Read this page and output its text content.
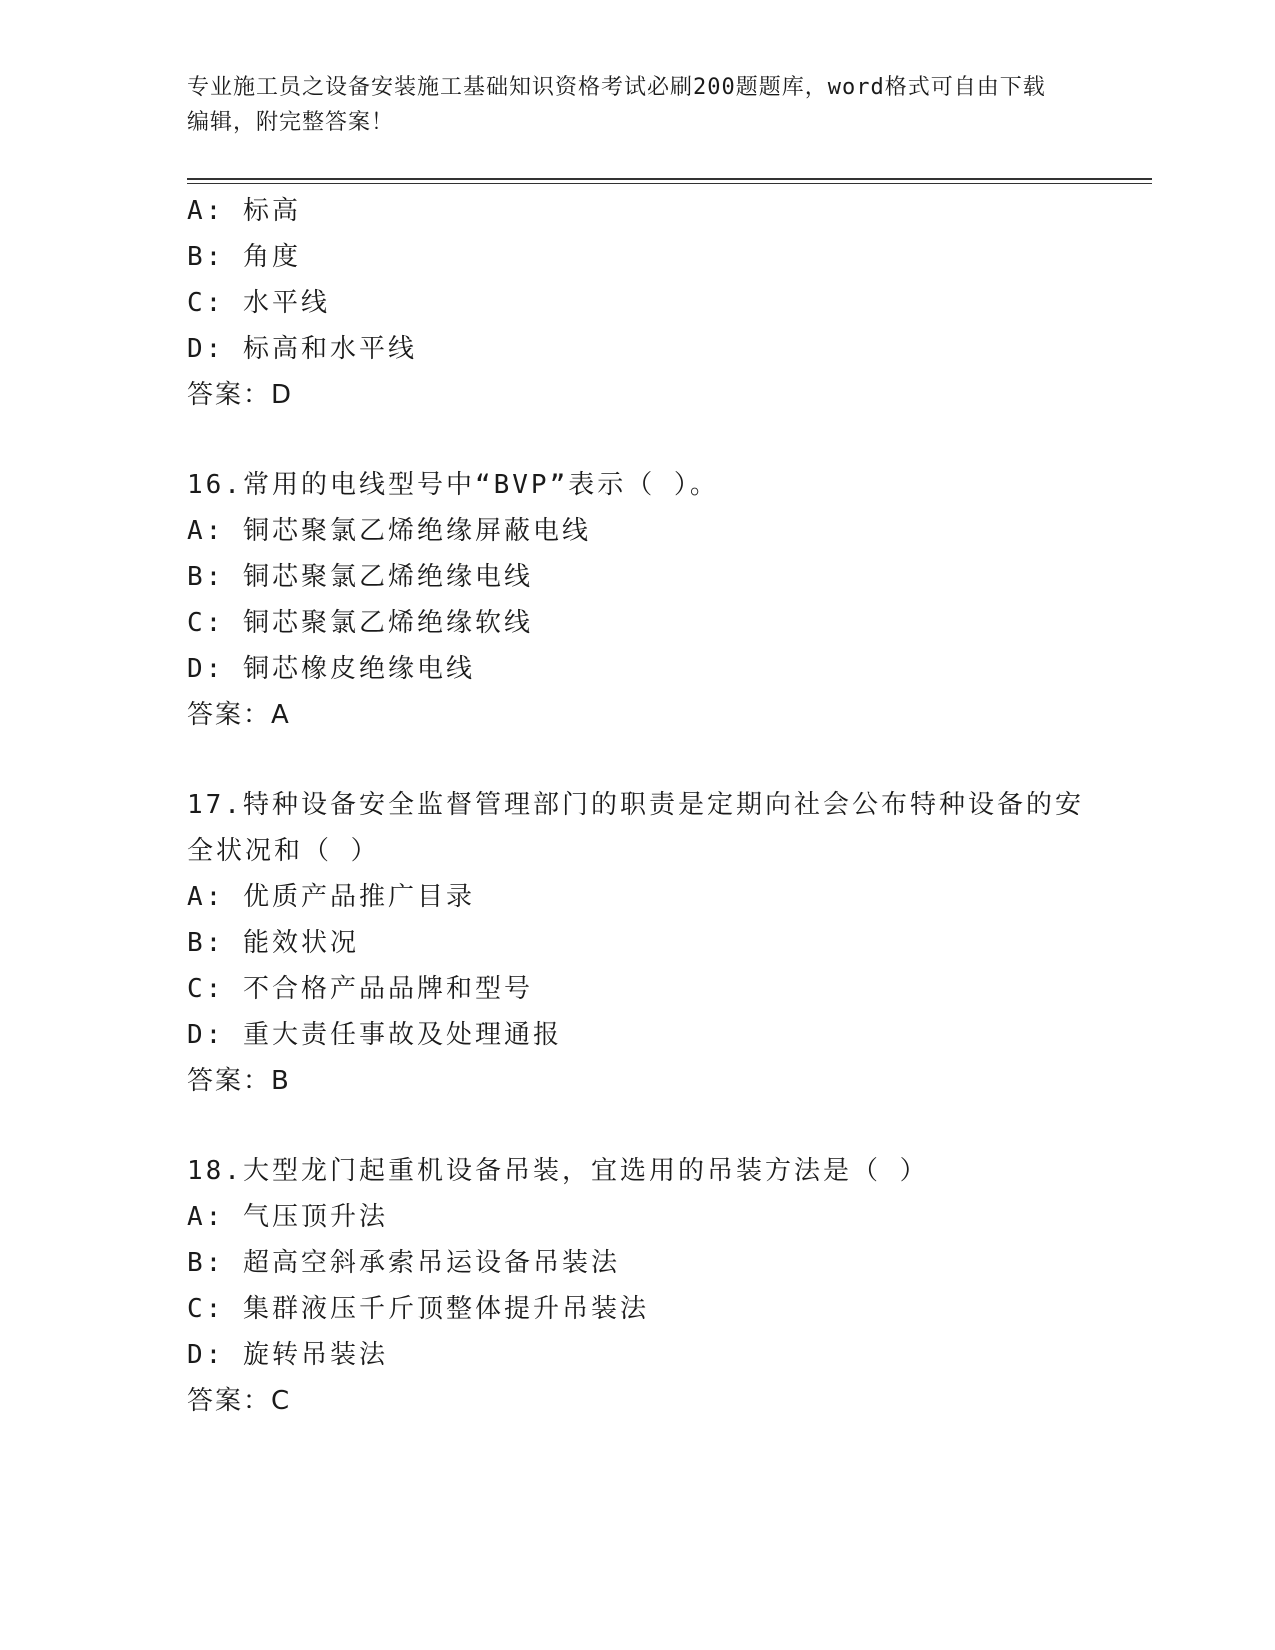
专业施工员之设备安装施工基础知识资格考试必刷200题题库，word格式可自由下载编辑，附完整答案！

A: 标高
B: 角度
C: 水平线
D: 标高和水平线
答案：D
16.常用的电线型号中“BVP”表示（ ）。
A: 铜芯聚氯乙烯绝缘屏蔽电线
B: 铜芯聚氯乙烯绝缘电线
C: 铜芯聚氯乙烯绝缘软线
D: 铜芯橡皮绝缘电线
答案：A
17.特种设备安全监督管理部门的职责是定期向社会公布特种设备的安全状况和（ ）
A: 优质产品推广目录
B: 能效状况
C: 不合格产品品牌和型号
D: 重大责任事故及处理通报
答案：B
18.大型龙门起重机设备吊装，宜选用的吊装方法是（ ）
A: 气压顶升法
B: 超高空斜承索吊运设备吊装法
C: 集群液压千斤顶整体提升吊装法
D: 旋转吊装法
答案：C
